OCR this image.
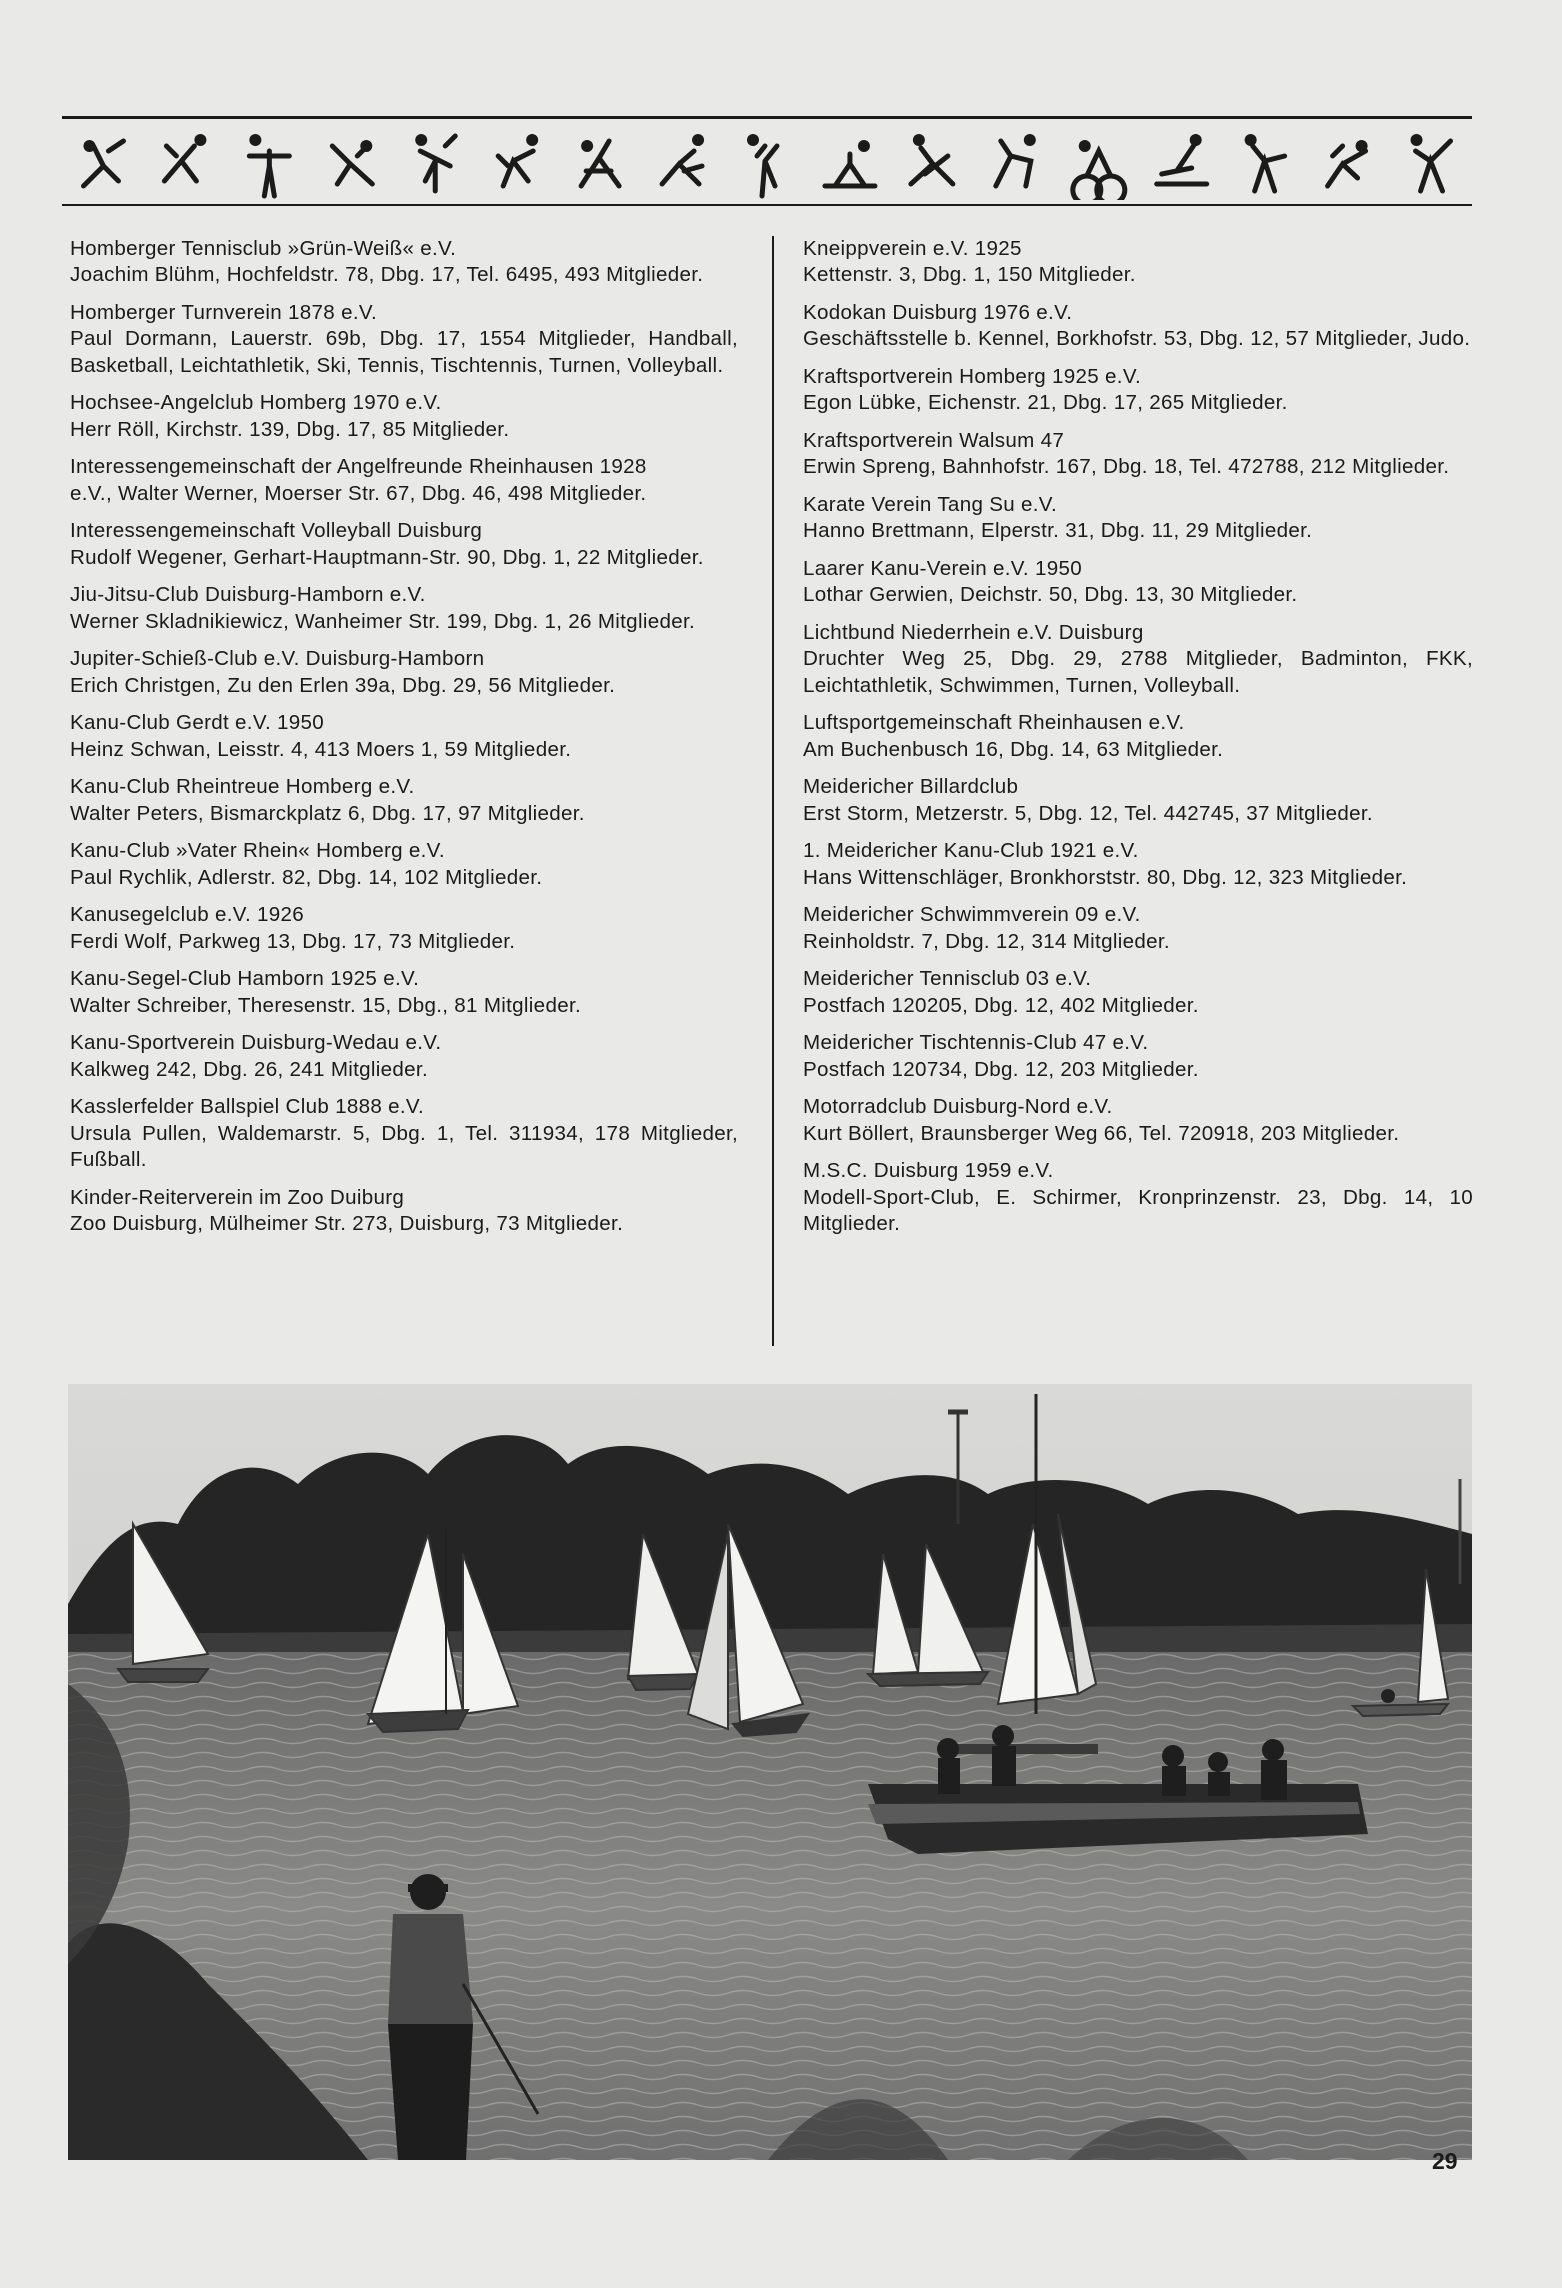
Homberger Tennisclub »Grün-Weiß« e.V.
Joachim Blühm, Hochfeldstr. 78, Dbg. 17, Tel. 6495, 493 Mitglieder.
Homberger Turnverein 1878 e.V.
Paul Dormann, Lauerstr. 69b, Dbg. 17, 1554 Mitglieder, Handball, Basketball, Leichtathletik, Ski, Tennis, Tischtennis, Turnen, Volleyball.
Hochsee-Angelclub Homberg 1970 e.V.
Herr Röll, Kirchstr. 139, Dbg. 17, 85 Mitglieder.
Interessengemeinschaft der Angelfreunde Rheinhausen 1928
e.V., Walter Werner, Moerser Str. 67, Dbg. 46, 498 Mitglieder.
Interessengemeinschaft Volleyball Duisburg
Rudolf Wegener, Gerhart-Hauptmann-Str. 90, Dbg. 1, 22 Mitglieder.
Jiu-Jitsu-Club Duisburg-Hamborn e.V.
Werner Skladnikiewicz, Wanheimer Str. 199, Dbg. 1, 26 Mitglieder.
Jupiter-Schieß-Club e.V. Duisburg-Hamborn
Erich Christgen, Zu den Erlen 39a, Dbg. 29, 56 Mitglieder.
Kanu-Club Gerdt e.V. 1950
Heinz Schwan, Leisstr. 4, 413 Moers 1, 59 Mitglieder.
Kanu-Club Rheintreue Homberg e.V.
Walter Peters, Bismarckplatz 6, Dbg. 17, 97 Mitglieder.
Kanu-Club »Vater Rhein« Homberg e.V.
Paul Rychlik, Adlerstr. 82, Dbg. 14, 102 Mitglieder.
Kanusegelclub e.V. 1926
Ferdi Wolf, Parkweg 13, Dbg. 17, 73 Mitglieder.
Kanu-Segel-Club Hamborn 1925 e.V.
Walter Schreiber, Theresenstr. 15, Dbg., 81 Mitglieder.
Kanu-Sportverein Duisburg-Wedau e.V.
Kalkweg 242, Dbg. 26, 241 Mitglieder.
Kasslerfelder Ballspiel Club 1888 e.V.
Ursula Pullen, Waldemarstr. 5, Dbg. 1, Tel. 311934, 178 Mitglieder, Fußball.
Kinder-Reiterverein im Zoo Duiburg
Zoo Duisburg, Mülheimer Str. 273, Duisburg, 73 Mitglieder.
Kneippverein e.V. 1925
Kettenstr. 3, Dbg. 1, 150 Mitglieder.
Kodokan Duisburg 1976 e.V.
Geschäftsstelle b. Kennel, Borkhofstr. 53, Dbg. 12, 57 Mitglieder, Judo.
Kraftsportverein Homberg 1925 e.V.
Egon Lübke, Eichenstr. 21, Dbg. 17, 265 Mitglieder.
Kraftsportverein Walsum 47
Erwin Spreng, Bahnhofstr. 167, Dbg. 18, Tel. 472788, 212 Mitglieder.
Karate Verein Tang Su e.V.
Hanno Brettmann, Elperstr. 31, Dbg. 11, 29 Mitglieder.
Laarer Kanu-Verein e.V. 1950
Lothar Gerwien, Deichstr. 50, Dbg. 13, 30 Mitglieder.
Lichtbund Niederrhein e.V. Duisburg
Druchter Weg 25, Dbg. 29, 2788 Mitglieder, Badminton, FKK, Leichtathletik, Schwimmen, Turnen, Volleyball.
Luftsportgemeinschaft Rheinhausen e.V.
Am Buchenbusch 16, Dbg. 14, 63 Mitglieder.
Meidericher Billardclub
Erst Storm, Metzerstr. 5, Dbg. 12, Tel. 442745, 37 Mitglieder.
1. Meidericher Kanu-Club 1921 e.V.
Hans Wittenschläger, Bronkhorststr. 80, Dbg. 12, 323 Mitglieder.
Meidericher Schwimmverein 09 e.V.
Reinholdstr. 7, Dbg. 12, 314 Mitglieder.
Meidericher Tennisclub 03 e.V.
Postfach 120205, Dbg. 12, 402 Mitglieder.
Meidericher Tischtennis-Club 47 e.V.
Postfach 120734, Dbg. 12, 203 Mitglieder.
Motorradclub Duisburg-Nord e.V.
Kurt Böllert, Braunsberger Weg 66, Tel. 720918, 203 Mitglieder.
M.S.C. Duisburg 1959 e.V.
Modell-Sport-Club, E. Schirmer, Kronprinzenstr. 23, Dbg. 14, 10 Mitglieder.
29
